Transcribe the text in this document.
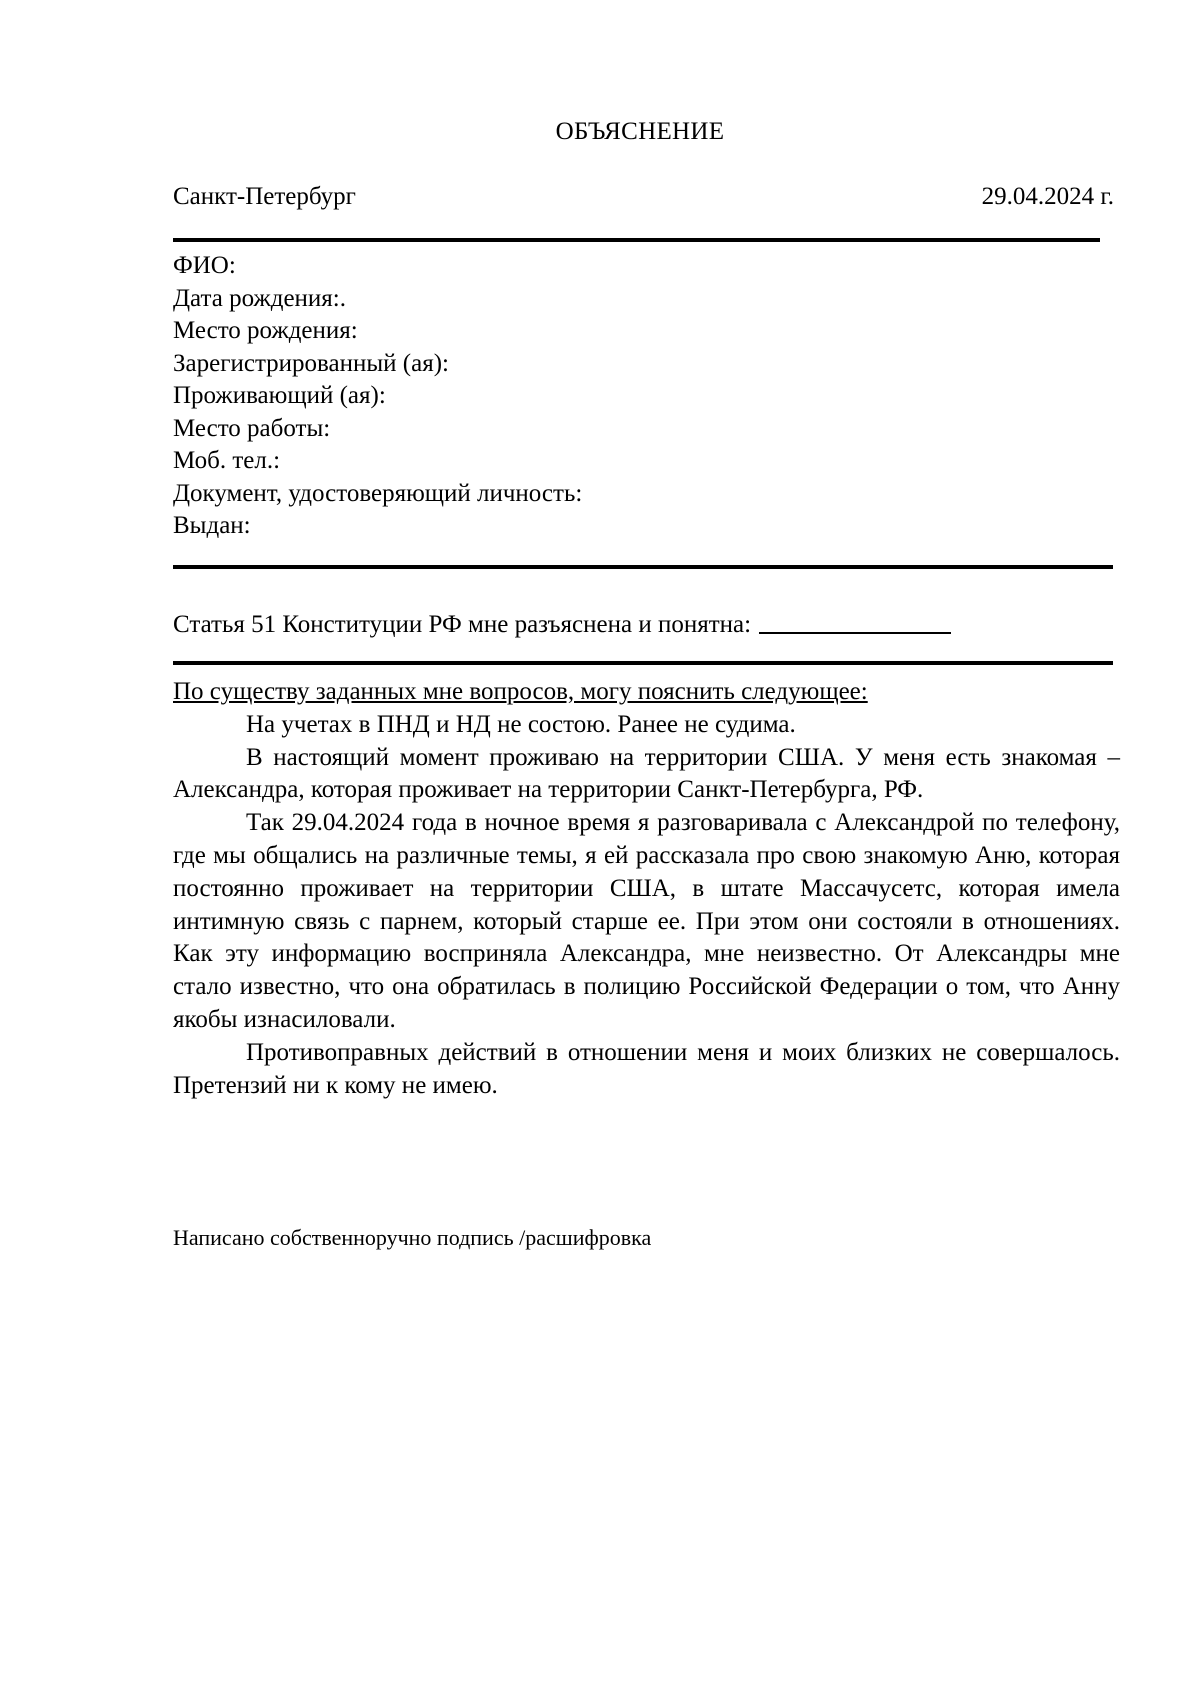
ОБЪЯСНЕНИЕ
Санкт-Петербург	29.04.2024 г.
ФИО:
Дата рождения:.
Место рождения:
Зарегистрированный (ая):
Проживающий (ая):
Место работы:
Моб. тел.:
Документ, удостоверяющий личность:
Выдан:
Статья 51 Конституции РФ мне разъяснена и понятна:
По существу заданных мне вопросов, могу пояснить следующее:

На учетах в ПНД и НД не состою. Ранее не судима.

В настоящий момент проживаю на территории США. У меня есть знакомая – Александра, которая проживает на территории Санкт-Петербурга, РФ.

Так 29.04.2024 года в ночное время я разговаривала с Александрой по телефону, где мы общались на различные темы, я ей рассказала про свою знакомую Аню, которая постоянно проживает на территории США, в штате Массачусетс, которая имела интимную связь с парнем, который старше ее. При этом они состояли в отношениях. Как эту информацию восприняла Александра, мне неизвестно. От Александры мне стало известно, что она обратилась в полицию Российской Федерации о том, что Анну якобы изнасиловали.

Противоправных действий в отношении меня и моих близких не совершалось. Претензий ни к кому не имею.

Написано собственноручно подпись /расшифровка
